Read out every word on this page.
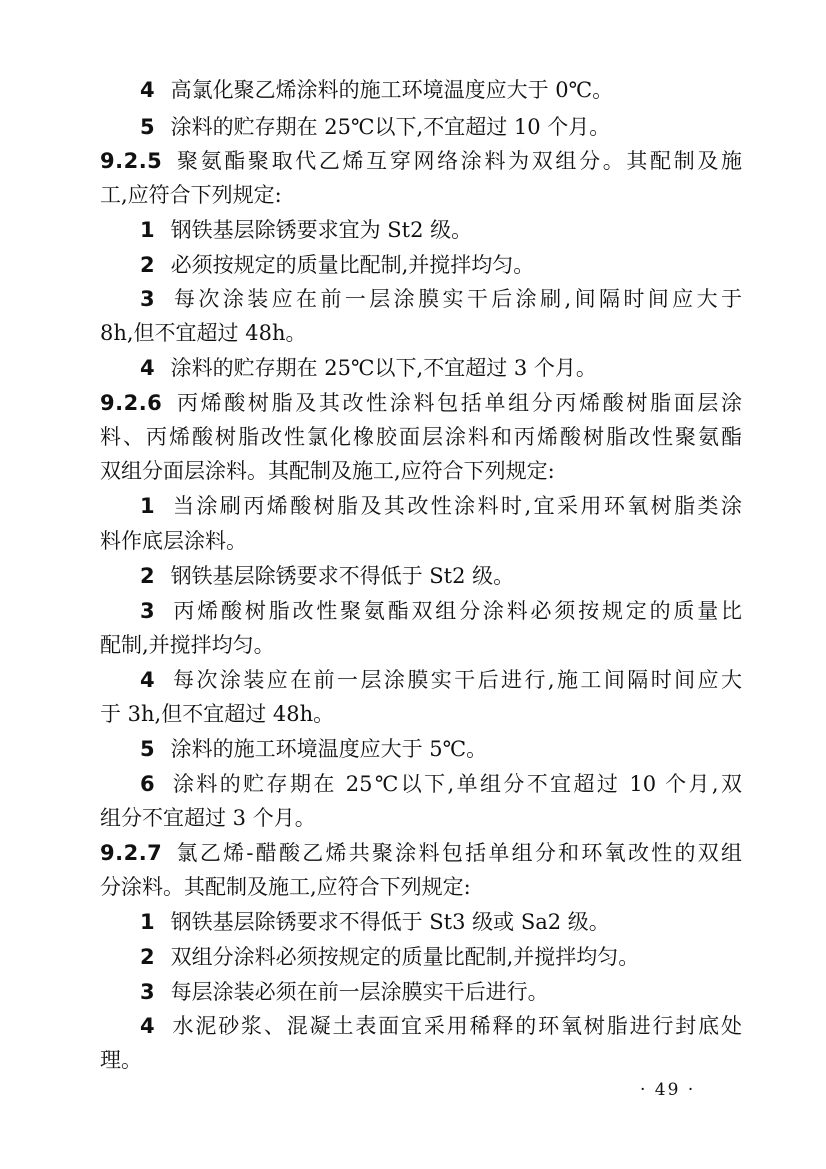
4 高氯化聚乙烯涂料的施工环境温度应大于 0℃。
5 涂料的贮存期在 25℃以下,不宜超过 10 个月。
9.2.5 聚氨酯聚取代乙烯互穿网络涂料为双组分。其配制及施
工,应符合下列规定:
1 钢铁基层除锈要求宜为 St2 级。
2 必须按规定的质量比配制,并搅拌均匀。
3 每次涂装应在前一层涂膜实干后涂刷,间隔时间应大于
8h,但不宜超过 48h。
4 涂料的贮存期在 25℃以下,不宜超过 3 个月。
9.2.6 丙烯酸树脂及其改性涂料包括单组分丙烯酸树脂面层涂
料、丙烯酸树脂改性氯化橡胶面层涂料和丙烯酸树脂改性聚氨酯
双组分面层涂料。其配制及施工,应符合下列规定:
1 当涂刷丙烯酸树脂及其改性涂料时,宜采用环氧树脂类涂
料作底层涂料。
2 钢铁基层除锈要求不得低于 St2 级。
3 丙烯酸树脂改性聚氨酯双组分涂料必须按规定的质量比
配制,并搅拌均匀。
4 每次涂装应在前一层涂膜实干后进行,施工间隔时间应大
于 3h,但不宜超过 48h。
5 涂料的施工环境温度应大于 5℃。
6 涂料的贮存期在 25℃以下,单组分不宜超过 10 个月,双
组分不宜超过 3 个月。
9.2.7 氯乙烯-醋酸乙烯共聚涂料包括单组分和环氧改性的双组
分涂料。其配制及施工,应符合下列规定:
1 钢铁基层除锈要求不得低于 St3 级或 Sa2 级。
2 双组分涂料必须按规定的质量比配制,并搅拌均匀。
3 每层涂装必须在前一层涂膜实干后进行。
4 水泥砂浆、混凝土表面宜采用稀释的环氧树脂进行封底处
理。
· 49 ·
